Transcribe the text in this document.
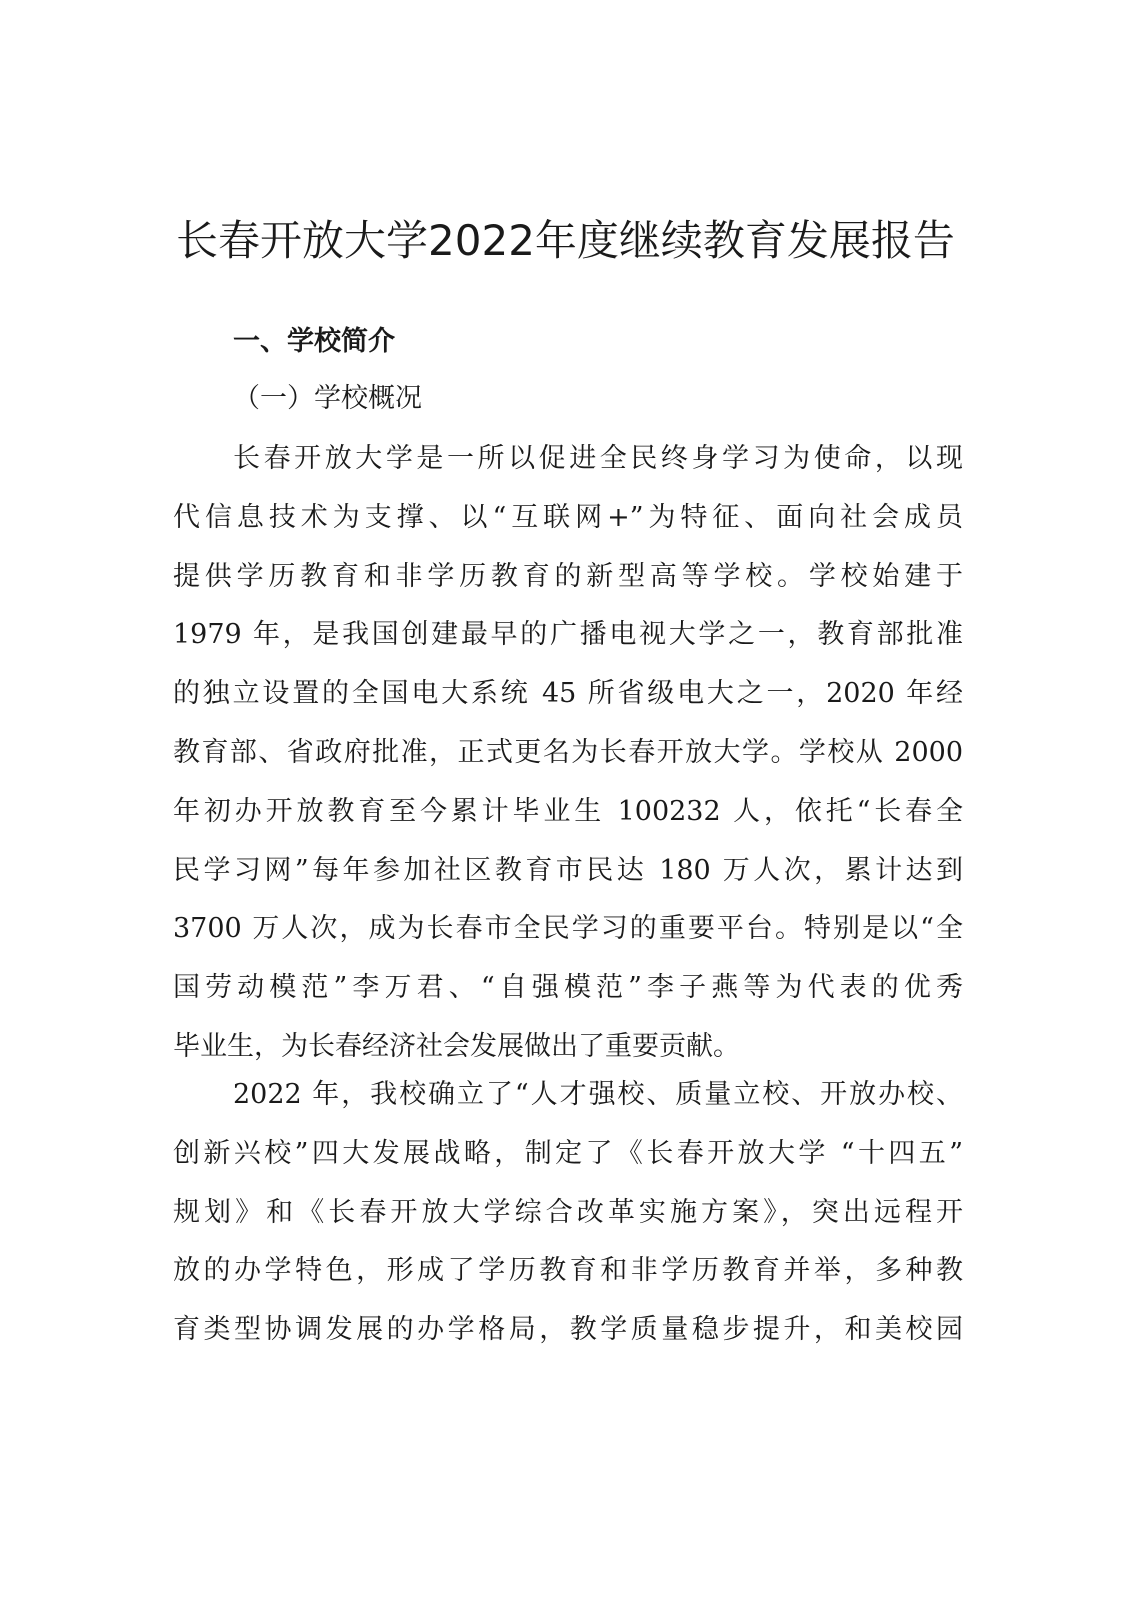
长春开放大学2022年度继续教育发展报告
一、学校简介
（一）学校概况
长春开放大学是一所以促进全民终身学习为使命，以现
代信息技术为支撑、以“互联网+”为特征、面向社会成员
提供学历教育和非学历教育的新型高等学校。学校始建于
1979 年，是我国创建最早的广播电视大学之一，教育部批准
的独立设置的全国电大系统 45 所省级电大之一，2020 年经
教育部、省政府批准，正式更名为长春开放大学。学校从 2000
年初办开放教育至今累计毕业生 100232 人，依托“长春全
民学习网”每年参加社区教育市民达 180 万人次，累计达到
3700 万人次，成为长春市全民学习的重要平台。特别是以“全
国劳动模范”李万君、“自强模范”李子燕等为代表的优秀
毕业生，为长春经济社会发展做出了重要贡献。
2022 年，我校确立了“人才强校、质量立校、开放办校、
创新兴校”四大发展战略，制定了《长春开放大学 “十四五”
规划》和《长春开放大学综合改革实施方案》，突出远程开
放的办学特色，形成了学历教育和非学历教育并举，多种教
育类型协调发展的办学格局，教学质量稳步提升，和美校园
